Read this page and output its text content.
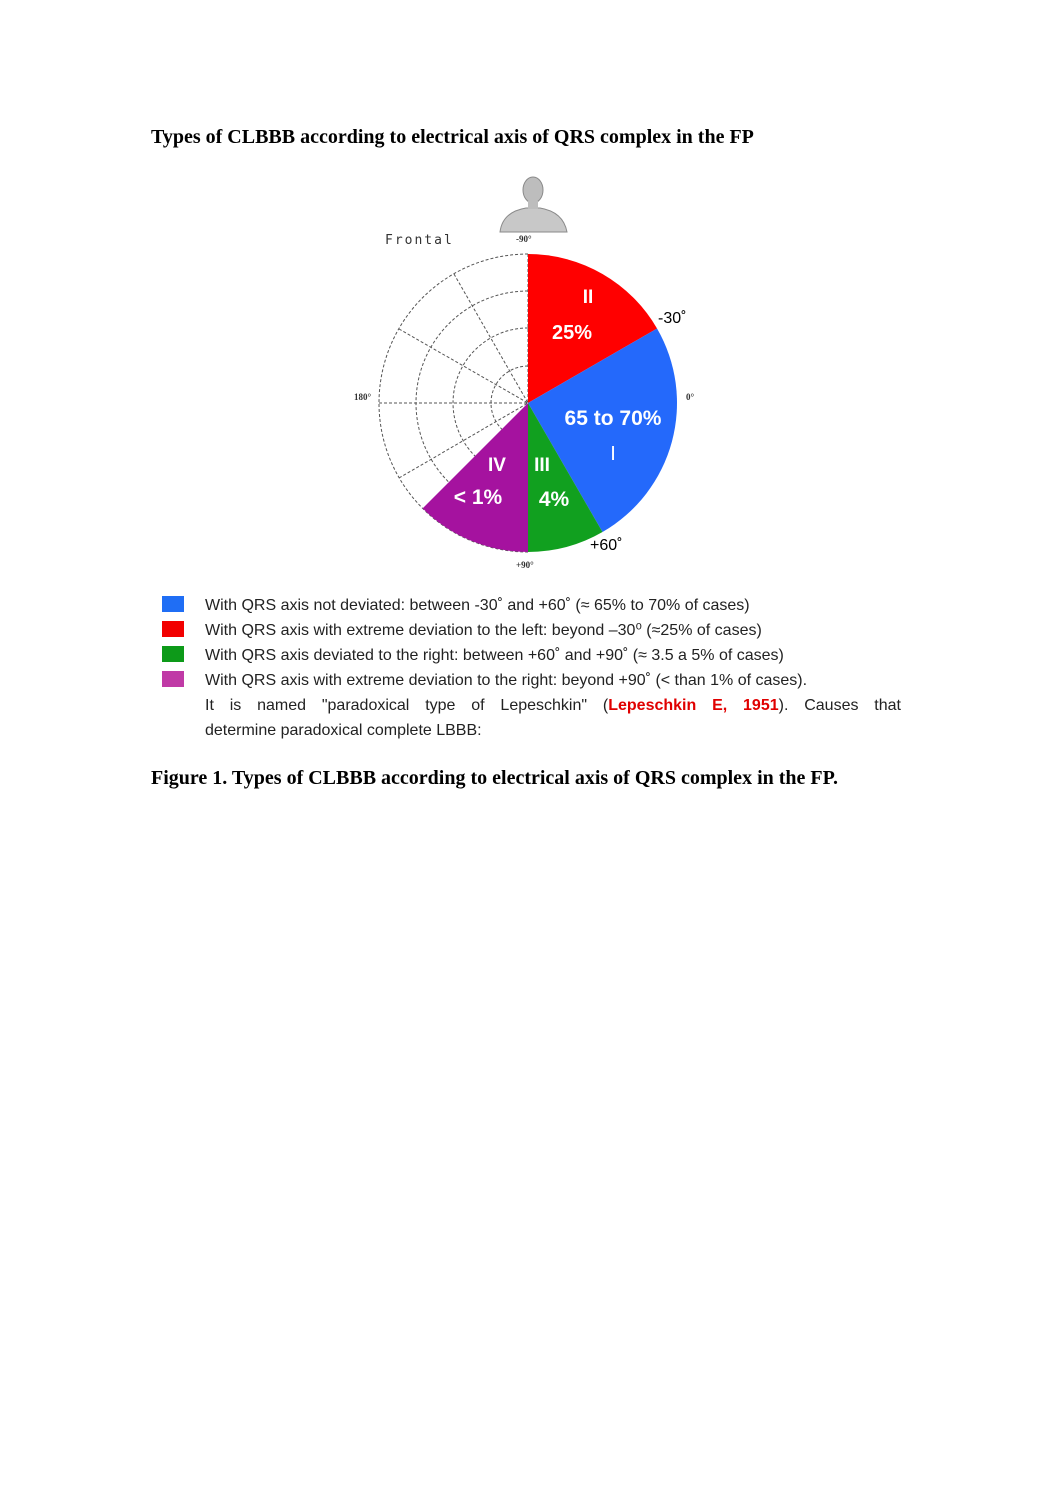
Types of CLBBB according to electrical axis of QRS complex in the FP
Frontal	-90°
180°	0°
+90°
-30˚
+60˚
II
25%
65 to 70%
I
III
4%
IV
< 1%
With QRS axis not deviated: between -30˚ and +60˚ (≈ 65% to 70% of cases)
With QRS axis with extreme deviation to the left: beyond –30⁰ (≈25% of cases)
With QRS axis deviated to the right: between +60˚ and +90˚ (≈ 3.5 a 5% of cases)
With QRS axis with extreme deviation to the right: beyond +90˚ (< than 1% of cases).
It is named "paradoxical type of Lepeschkin" (Lepeschkin E, 1951). Causes that
determine paradoxical complete LBBB:
Figure 1. Types of CLBBB according to electrical axis of QRS complex in the FP.
